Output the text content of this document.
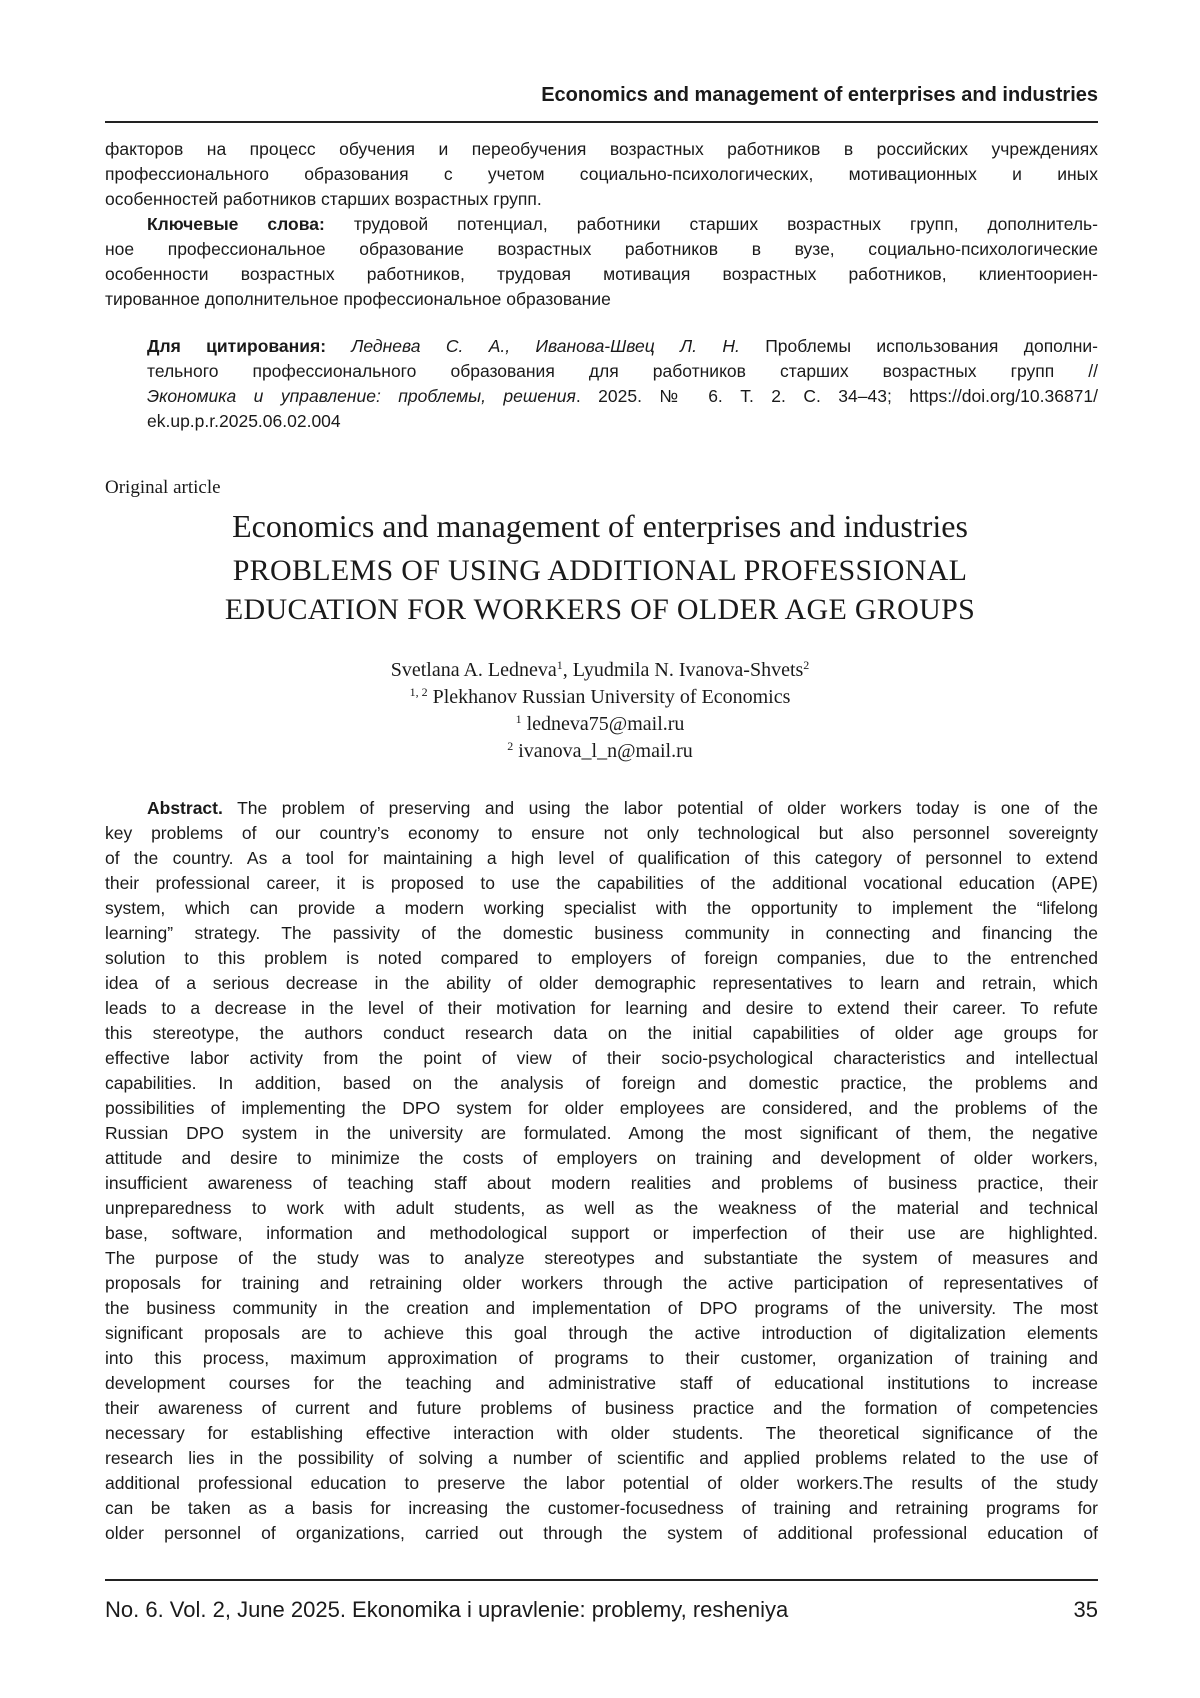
Economics and management of enterprises and industries
факторов на процесс обучения и переобучения возрастных работников в российских учреждениях
профессионального образования с учетом социально-психологических, мотивационных и иных
особенностей работников старших возрастных групп.
Ключевые слова: трудовой потенциал, работники старших возрастных групп, дополнитель-
ное профессиональное образование возрастных работников в вузе, социально-психологические
особенности возрастных работников, трудовая мотивация возрастных работников, клиентоориен-
тированное дополнительное профессиональное образование
Для цитирования: Леднева С. А., Иванова-Швец Л. Н. Проблемы использования дополни-
тельного профессионального образования для работников старших возрастных групп //
Экономика и управление: проблемы, решения. 2025. № 6. Т. 2. С. 34–43; https://doi.org/10.36871/
ek.up.p.r.2025.06.02.004
Original article
Economics and management of enterprises and industries
PROBLEMS OF USING ADDITIONAL PROFESSIONAL
EDUCATION FOR WORKERS OF OLDER AGE GROUPS
Svetlana A. Ledneva1, Lyudmila N. Ivanova-Shvets2
1, 2 Plekhanov Russian University of Economics
1 ledneva75@mail.ru
2 ivanova_l_n@mail.ru
Abstract. The problem of preserving and using the labor potential of older workers today is one of the
key problems of our country’s economy to ensure not only technological but also personnel sovereignty
of the country. As a tool for maintaining a high level of qualification of this category of personnel to extend
their professional career, it is proposed to use the capabilities of the additional vocational education (APE)
system, which can provide a modern working specialist with the opportunity to implement the “lifelong
learning” strategy. The passivity of the domestic business community in connecting and financing the
solution to this problem is noted compared to employers of foreign companies, due to the entrenched
idea of a serious decrease in the ability of older demographic representatives to learn and retrain, which
leads to a decrease in the level of their motivation for learning and desire to extend their career. To refute
this stereotype, the authors conduct research data on the initial capabilities of older age groups for
effective labor activity from the point of view of their socio-psychological characteristics and intellectual
capabilities. In addition, based on the analysis of foreign and domestic practice, the problems and
possibilities of implementing the DPO system for older employees are considered, and the problems of the
Russian DPO system in the university are formulated. Among the most significant of them, the negative
attitude and desire to minimize the costs of employers on training and development of older workers,
insufficient awareness of teaching staff about modern realities and problems of business practice, their
unpreparedness to work with adult students, as well as the weakness of the material and technical
base, software, information and methodological support or imperfection of their use are highlighted.
The purpose of the study was to analyze stereotypes and substantiate the system of measures and
proposals for training and retraining older workers through the active participation of representatives of
the business community in the creation and implementation of DPO programs of the university. The most
significant proposals are to achieve this goal through the active introduction of digitalization elements
into this process, maximum approximation of programs to their customer, organization of training and
development courses for the teaching and administrative staff of educational institutions to increase
their awareness of current and future problems of business practice and the formation of competencies
necessary for establishing effective interaction with older students. The theoretical significance of the
research lies in the possibility of solving a number of scientific and applied problems related to the use of
additional professional education to preserve the labor potential of older workers.The results of the study
can be taken as a basis for increasing the customer-focusedness of training and retraining programs for
older personnel of organizations, carried out through the system of additional professional education of
No. 6. Vol. 2, June 2025. Ekonomika i upravlenie: problemy, resheniya	35
